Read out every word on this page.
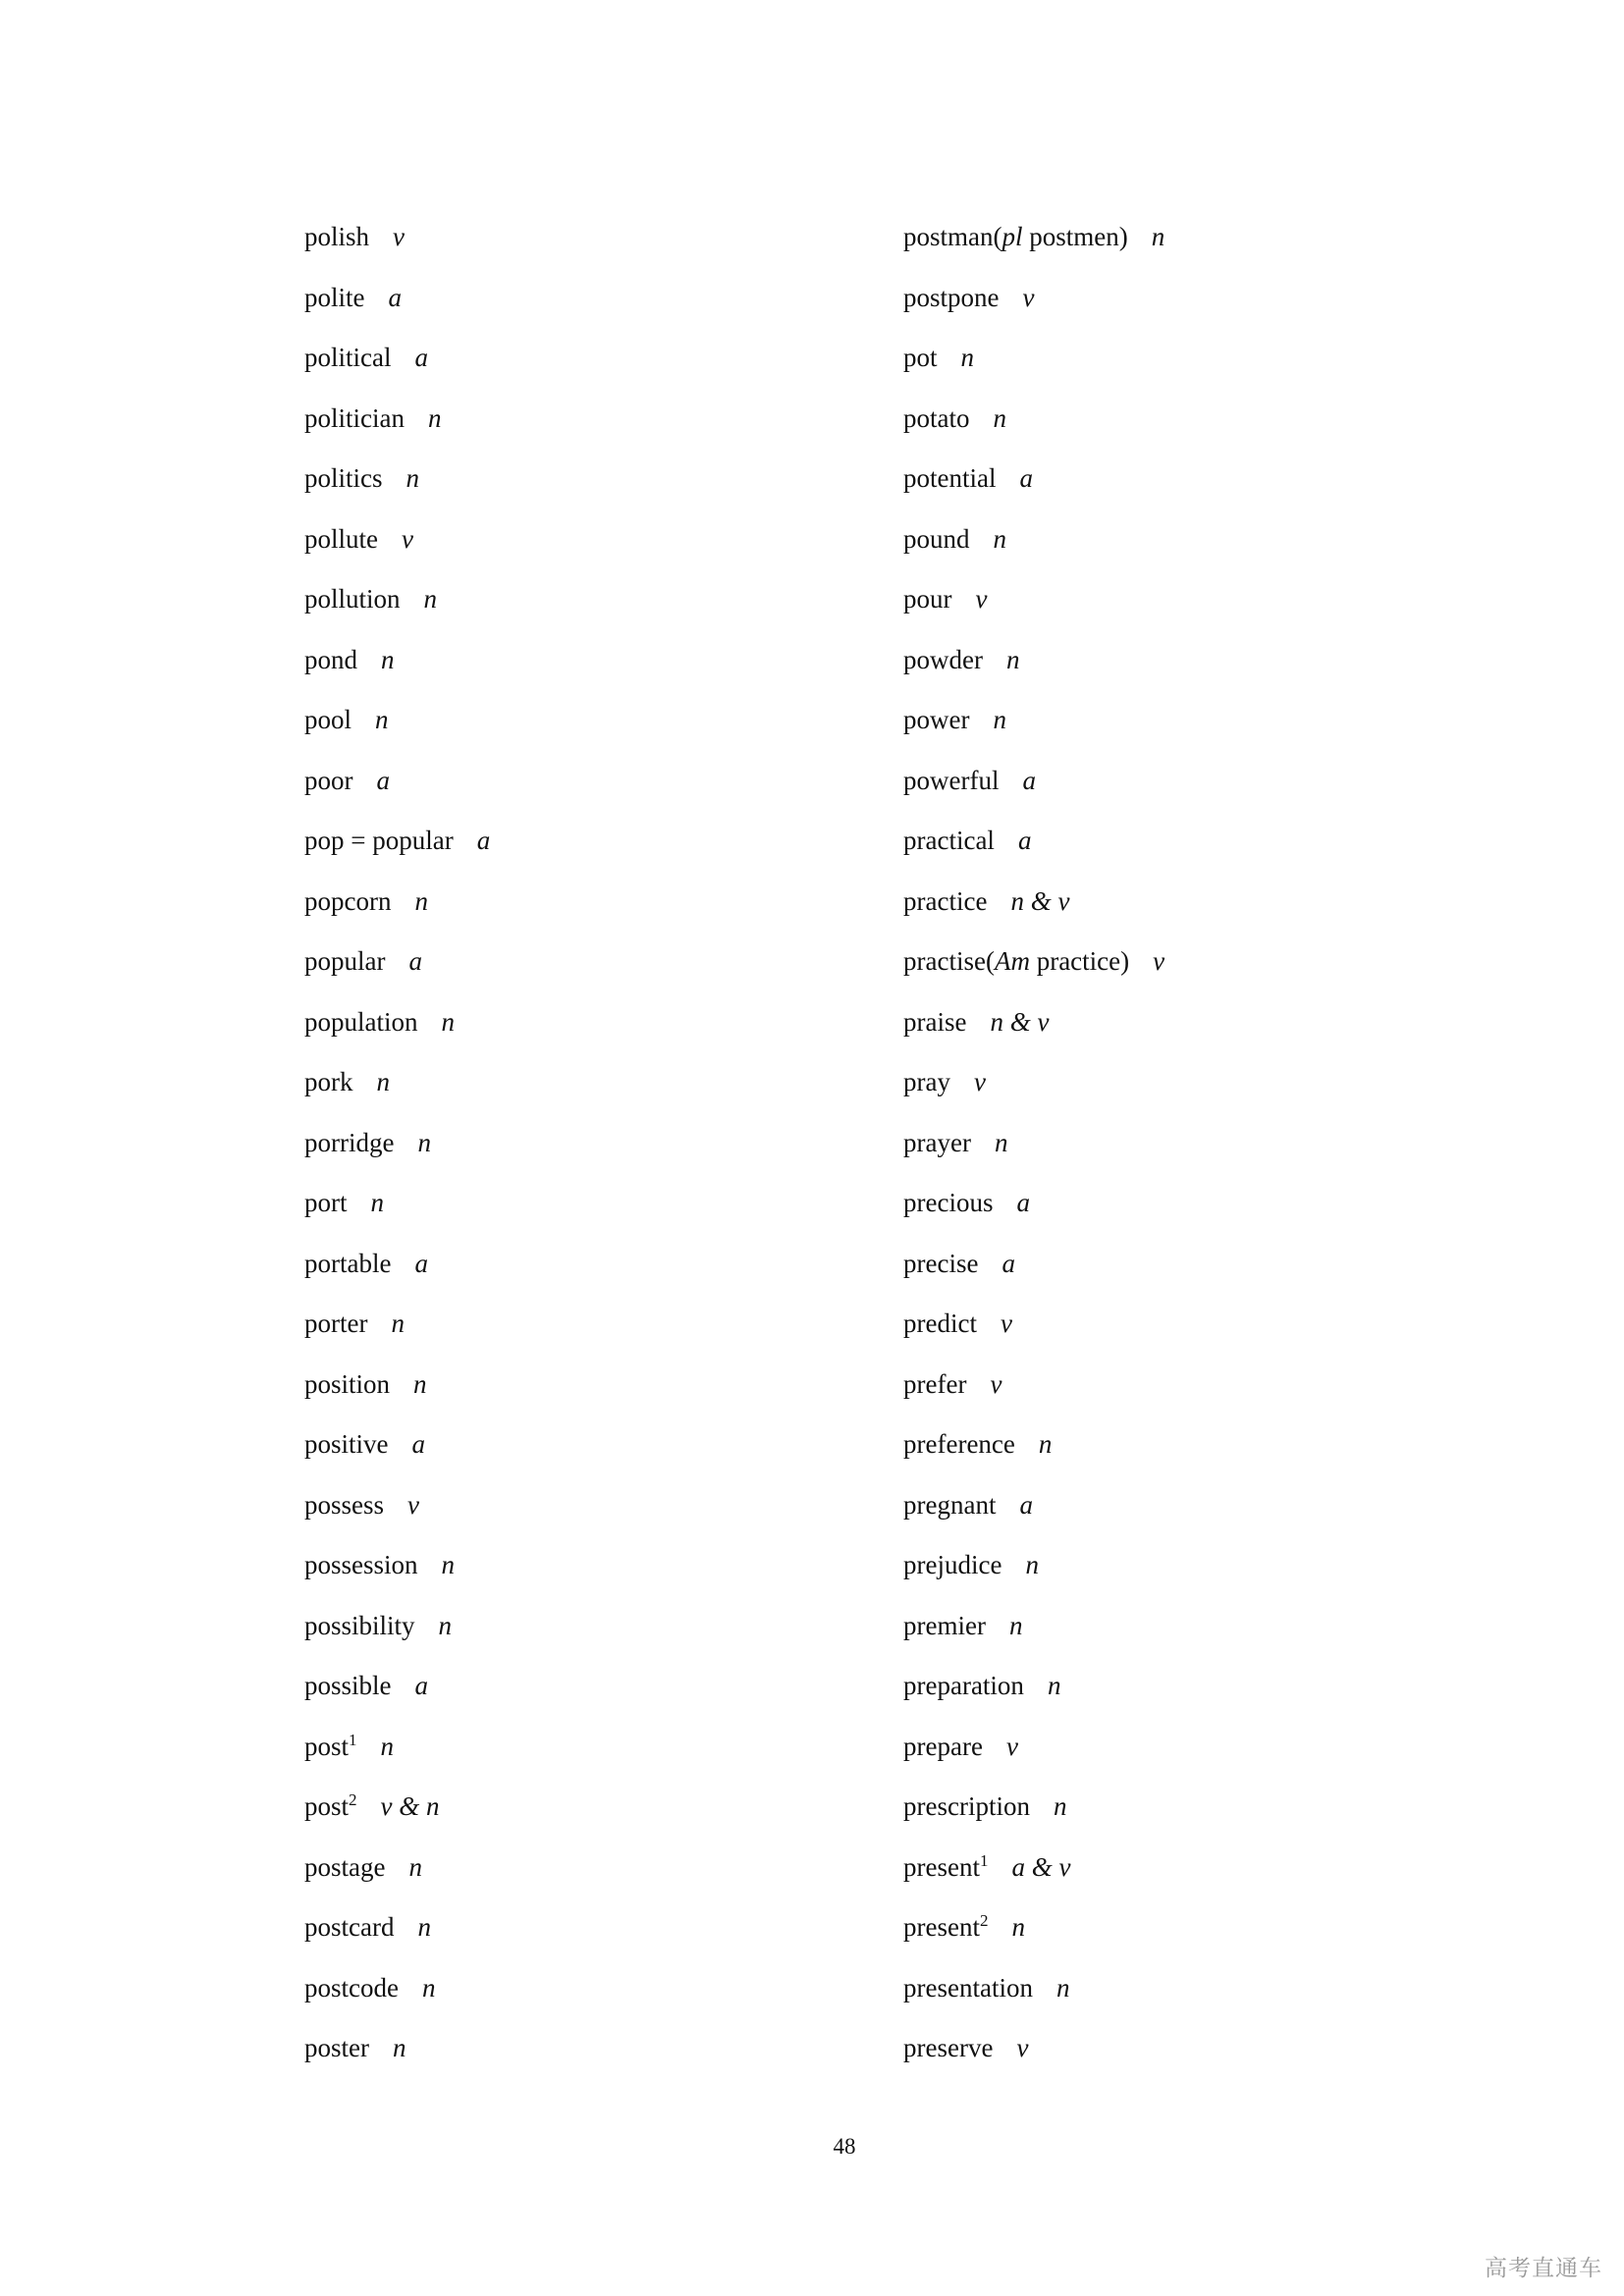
polish v
polite a
political a
politician n
politics n
pollute v
pollution n
pond n
pool n
poor a
pop = popular a
popcorn n
popular a
population n
pork n
porridge n
port n
portable a
porter n
position n
positive a
possess v
possession n
possibility n
possible a
post$^1$ n
post$^2$ v & n
postage n
postcard n
postcode n
poster n
postman(pl postmen) n
postpone v
pot n
potato n
potential a
pound n
pour v
powder n
power n
powerful a
practical a
practice n & v
practise(Am practice) v
praise n & v
pray v
prayer n
precious a
precise a
predict v
prefer v
preference n
pregnant a
prejudice n
premier n
preparation n
prepare v
prescription n
present$^1$ a & v
present$^2$ n
presentation n
preserve v
48
高考直通车
